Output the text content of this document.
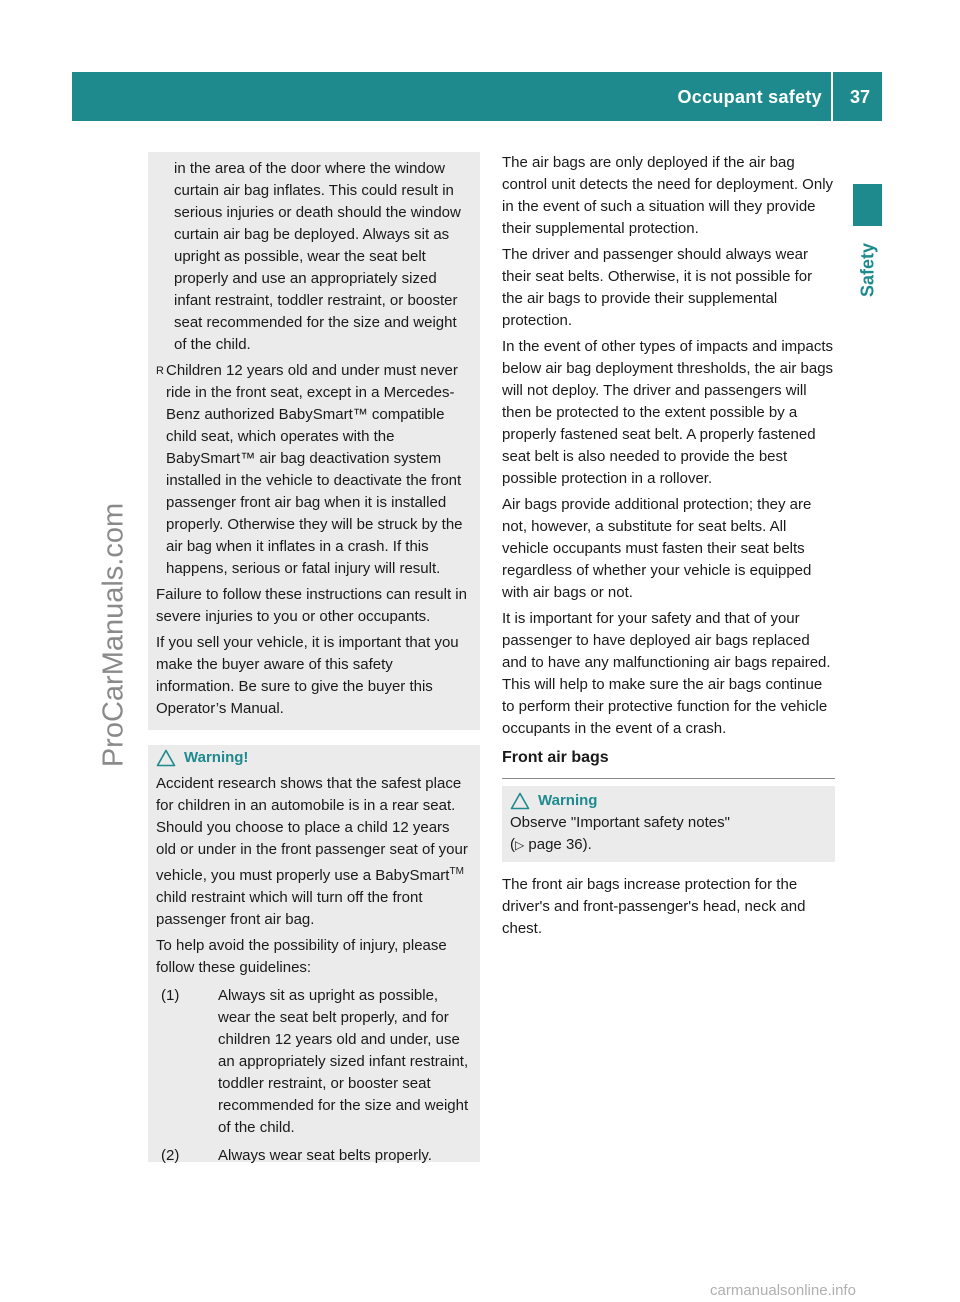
Occupant safety	37
Safety
ProCarManuals.com
carmanualsonline.info
in the area of the door where the window curtain air bag inflates. This could result in serious injuries or death should the window curtain air bag be deployed. Always sit as upright as possible, wear the seat belt properly and use an appropriately sized infant restraint, toddler restraint, or booster seat recommended for the size and weight of the child.
R Children 12 years old and under must never ride in the front seat, except in a Mercedes-Benz authorized BabySmart™ compatible child seat, which operates with the BabySmart™ air bag deactivation system installed in the vehicle to deactivate the front passenger front air bag when it is installed properly. Otherwise they will be struck by the air bag when it inflates in a crash. If this happens, serious or fatal injury will result.
Failure to follow these instructions can result in severe injuries to you or other occupants.
If you sell your vehicle, it is important that you make the buyer aware of this safety information. Be sure to give the buyer this Operator’s Manual.
Warning!
Accident research shows that the safest place for children in an automobile is in a rear seat. Should you choose to place a child 12 years old or under in the front passenger seat of your vehicle, you must properly use a BabySmart™ child restraint which will turn off the front passenger front air bag.
To help avoid the possibility of injury, please follow these guidelines:
(1)	Always sit as upright as possible, wear the seat belt properly, and for children 12 years old and under, use an appropriately sized infant restraint, toddler restraint, or booster seat recommended for the size and weight of the child.
(2)	Always wear seat belts properly.
The air bags are only deployed if the air bag control unit detects the need for deployment. Only in the event of such a situation will they provide their supplemental protection.
The driver and passenger should always wear their seat belts. Otherwise, it is not possible for the air bags to provide their supplemental protection.
In the event of other types of impacts and impacts below air bag deployment thresholds, the air bags will not deploy. The driver and passengers will then be protected to the extent possible by a properly fastened seat belt. A properly fastened seat belt is also needed to provide the best possible protection in a rollover.
Air bags provide additional protection; they are not, however, a substitute for seat belts. All vehicle occupants must fasten their seat belts regardless of whether your vehicle is equipped with air bags or not.
It is important for your safety and that of your passenger to have deployed air bags replaced and to have any malfunctioning air bags repaired. This will help to make sure the air bags continue to perform their protective function for the vehicle occupants in the event of a crash.
Front air bags
Warning
Observe "Important safety notes"
(▷ page 36).
The front air bags increase protection for the driver's and front-passenger's head, neck and chest.
